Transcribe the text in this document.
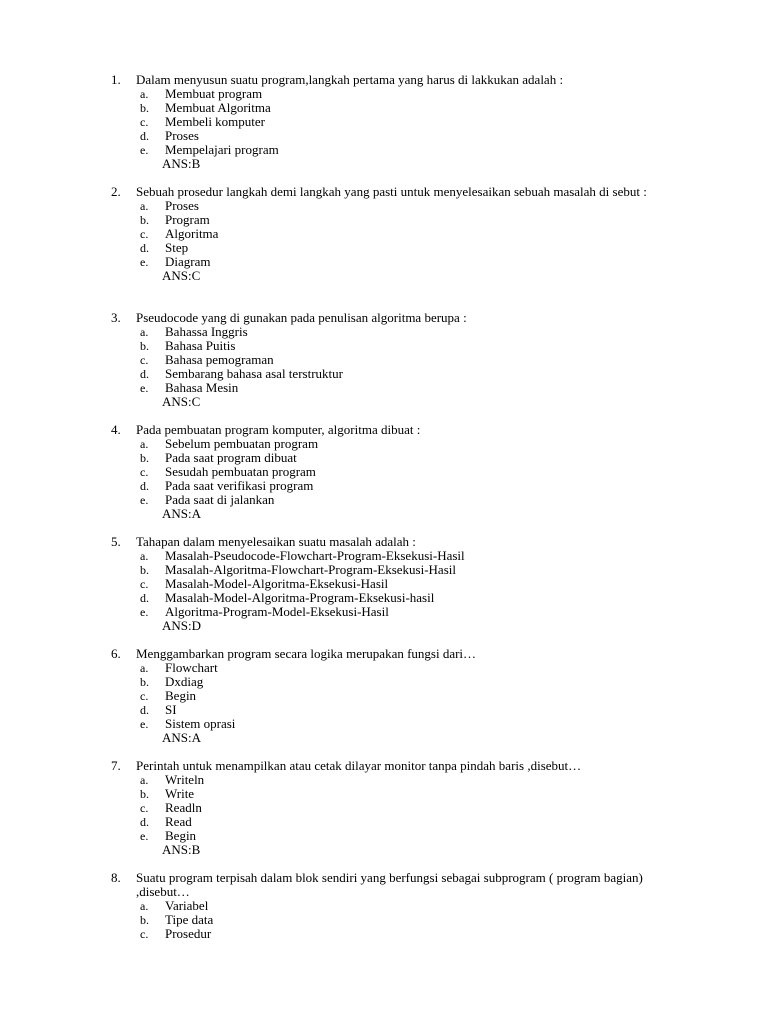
1.	Dalam menyusun suatu program,langkah pertama yang harus di lakkukan adalah :
a.	Membuat program
b.	Membuat Algoritma
c.	Membeli komputer
d.	Proses
e.	Mempelajari program
ANS:B
2.	Sebuah prosedur langkah demi langkah yang pasti untuk menyelesaikan sebuah masalah di sebut :
a.	Proses
b.	Program
c.	Algoritma
d.	Step
e.	Diagram
ANS:C
3.	Pseudocode yang di gunakan pada penulisan algoritma berupa :
a.	Bahassa Inggris
b.	Bahasa Puitis
c.	Bahasa pemograman
d.	Sembarang bahasa asal terstruktur
e.	Bahasa Mesin
ANS:C
4.	Pada pembuatan program komputer, algoritma dibuat :
a.	Sebelum pembuatan program
b.	Pada saat program dibuat
c.	Sesudah pembuatan program
d.	Pada saat verifikasi program
e.	Pada saat di jalankan
ANS:A
5.	Tahapan dalam menyelesaikan suatu masalah adalah :
a.	Masalah-Pseudocode-Flowchart-Program-Eksekusi-Hasil
b.	Masalah-Algoritma-Flowchart-Program-Eksekusi-Hasil
c.	Masalah-Model-Algoritma-Eksekusi-Hasil
d.	Masalah-Model-Algoritma-Program-Eksekusi-hasil
e.	Algoritma-Program-Model-Eksekusi-Hasil
ANS:D
6.	Menggambarkan program secara logika merupakan fungsi dari…
a.	Flowchart
b.	Dxdiag
c.	Begin
d.	SI
e.	Sistem oprasi
ANS:A
7.	Perintah untuk menampilkan atau cetak dilayar monitor tanpa pindah baris ,disebut…
a.	Writeln
b.	Write
c.	Readln
d.	Read
e.	Begin
ANS:B
8.	Suatu program terpisah dalam blok sendiri yang berfungsi sebagai subprogram ( program bagian) ,disebut…
a.	Variabel
b.	Tipe data
c.	Prosedur
